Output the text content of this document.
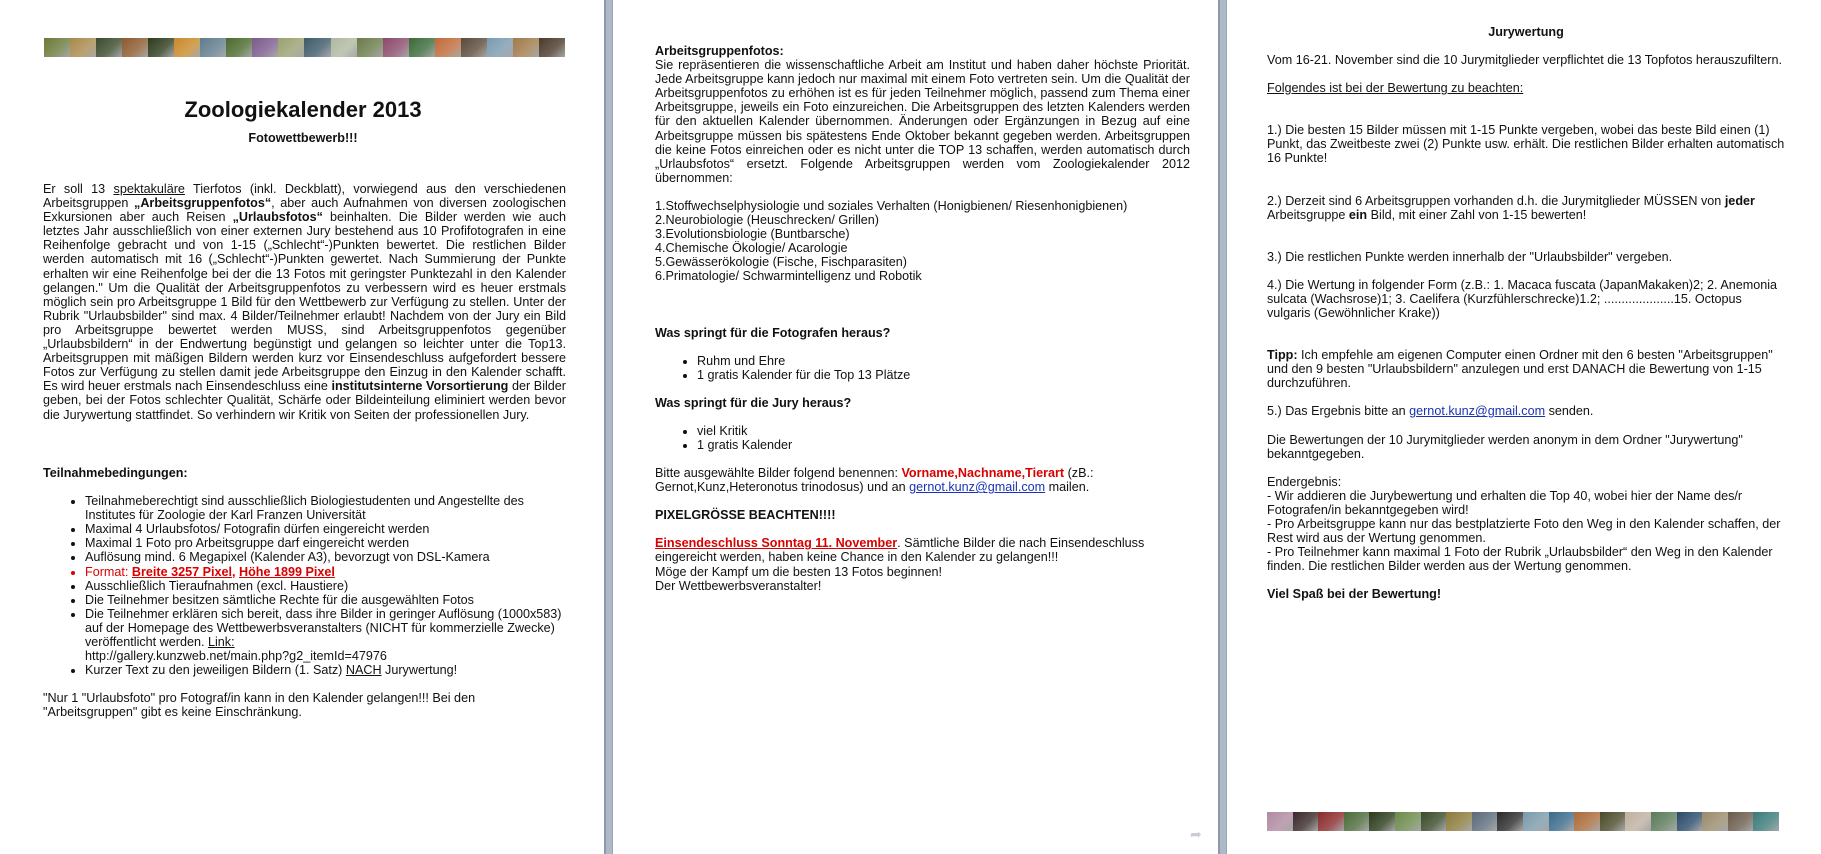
Zoologiekalender 2013

Fotowettbewerb!!!

Er soll 13 spektakuläre Tierfotos (inkl. Deckblatt), vorwiegend aus den verschiedenen Arbeitsgruppen „Arbeitsgruppenfotos“, aber auch Aufnahmen von diversen zoologischen Exkursionen aber auch Reisen „Urlaubsfotos“ beinhalten. Die Bilder werden wie auch letztes Jahr ausschließlich von einer externen Jury bestehend aus 10 Profifotografen in eine Reihenfolge gebracht und von 1-15 („Schlecht“-)Punkten bewertet. Die restlichen Bilder werden automatisch mit 16 („Schlecht“-)Punkten gewertet. Nach Summierung der Punkte erhalten wir eine Reihenfolge bei der die 13 Fotos mit geringster Punktezahl in den Kalender gelangen." Um die Qualität der Arbeitsgruppenfotos zu verbessern wird es heuer erstmals möglich sein pro Arbeitsgruppe 1 Bild für den Wettbewerb zur Verfügung zu stellen. Unter der Rubrik "Urlaubsbilder" sind max. 4 Bilder/Teilnehmer erlaubt! Nachdem von der Jury ein Bild pro Arbeitsgruppe bewertet werden MUSS, sind Arbeitsgruppenfotos gegenüber „Urlaubsbildern“ in der Endwertung begünstigt und gelangen so leichter unter die Top13. Arbeitsgruppen mit mäßigen Bildern werden kurz vor Einsendeschluss aufgefordert bessere Fotos zur Verfügung zu stellen damit jede Arbeitsgruppe den Einzug in den Kalender schafft. Es wird heuer erstmals nach Einsendeschluss eine institutsinterne Vorsortierung der Bilder geben, bei der Fotos schlechter Qualität, Schärfe oder Bildeinteilung eliminiert werden bevor die Jurywertung stattfindet. So verhindern wir Kritik von Seiten der professionellen Jury.

Teilnahmebedingungen:

• Teilnahmeberechtigt sind ausschließlich Biologiestudenten und Angestellte des Institutes für Zoologie der Karl Franzen Universität
• Maximal 4 Urlaubsfotos/ Fotografin dürfen eingereicht werden
• Maximal 1 Foto pro Arbeitsgruppe darf eingereicht werden
• Auflösung mind. 6 Megapixel (Kalender A3), bevorzugt von DSL-Kamera
• Format: Breite 3257 Pixel, Höhe 1899 Pixel
• Ausschließlich Tieraufnahmen (excl. Haustiere)
• Die Teilnehmer besitzen sämtliche Rechte für die ausgewählten Fotos
• Die Teilnehmer erklären sich bereit, dass ihre Bilder in geringer Auflösung (1000x583) auf der Homepage des Wettbewerbsveranstalters (NICHT für kommerzielle Zwecke) veröffentlicht werden. Link:
http://gallery.kunzweb.net/main.php?g2_itemId=47976
• Kurzer Text zu den jeweiligen Bildern (1. Satz) NACH Jurywertung!

"Nur 1 "Urlaubsfoto" pro Fotograf/in kann in den Kalender gelangen!!! Bei den "Arbeitsgruppen" gibt es keine Einschränkung.

Arbeitsgruppenfotos:

Sie repräsentieren die wissenschaftliche Arbeit am Institut und haben daher höchste Priorität. Jede Arbeitsgruppe kann jedoch nur maximal mit einem Foto vertreten sein. Um die Qualität der Arbeitsgruppenfotos zu erhöhen ist es für jeden Teilnehmer möglich, passend zum Thema einer Arbeitsgruppe, jeweils ein Foto einzureichen. Die Arbeitsgruppen des letzten Kalenders werden für den aktuellen Kalender übernommen. Änderungen oder Ergänzungen in Bezug auf eine Arbeitsgruppe müssen bis spätestens Ende Oktober bekannt gegeben werden. Arbeitsgruppen die keine Fotos einreichen oder es nicht unter die TOP 13 schaffen, werden automatisch durch „Urlaubsfotos“ ersetzt. Folgende Arbeitsgruppen werden vom Zoologiekalender 2012 übernommen:

1.Stoffwechselphysiologie und soziales Verhalten (Honigbienen/ Riesenhonigbienen)

2.Neurobiologie (Heuschrecken/ Grillen)

3.Evolutionsbiologie (Buntbarsche)

4.Chemische Ökologie/ Acarologie

5.Gewässerökologie (Fische, Fischparasiten)

6.Primatologie/ Schwarmintelligenz und Robotik

Was springt für die Fotografen heraus?

• Ruhm und Ehre
• 1 gratis Kalender für die Top 13 Plätze

Was springt für die Jury heraus?

• viel Kritik
• 1 gratis Kalender

Bitte ausgewählte Bilder folgend benennen: Vorname,Nachname,Tierart (zB.: Gernot,Kunz,Heteronotus trinodosus) und an gernot.kunz@gmail.com mailen.

PIXELGRÖSSE BEACHTEN!!!!

Einsendeschluss Sonntag 11. November. Sämtliche Bilder die nach Einsendeschluss eingereicht werden, haben keine Chance in den Kalender zu gelangen!!!

Möge der Kampf um die besten 13 Fotos beginnen!

Der Wettbewerbsveranstalter!

➦

Jurywertung

Vom 16-21. November sind die 10 Jurymitglieder verpflichtet die 13 Topfotos herauszufiltern.

Folgendes ist bei der Bewertung zu beachten:

1.) Die besten 15 Bilder müssen mit 1-15 Punkte vergeben, wobei das beste Bild einen (1) Punkt, das Zweitbeste zwei (2) Punkte usw. erhält. Die restlichen Bilder erhalten automatisch 16 Punkte!

2.) Derzeit sind 6 Arbeitsgruppen vorhanden d.h. die Jurymitglieder MÜSSEN von jeder Arbeitsgruppe ein Bild, mit einer Zahl von 1-15 bewerten!

3.) Die restlichen Punkte werden innerhalb der "Urlaubsbilder" vergeben.

4.) Die Wertung in folgender Form (z.B.: 1. Macaca fuscata (JapanMakaken)2; 2. Anemonia sulcata (Wachsrose)1; 3. Caelifera (Kurzfühlerschrecke)1.2; ....................15. Octopus vulgaris (Gewöhnlicher Krake))

Tipp: Ich empfehle am eigenen Computer einen Ordner mit den 6 besten "Arbeitsgruppen" und den 9 besten "Urlaubsbildern" anzulegen und erst DANACH die Bewertung von 1-15 durchzuführen.

5.) Das Ergebnis bitte an gernot.kunz@gmail.com senden.

Die Bewertungen der 10 Jurymitglieder werden anonym in dem Ordner "Jurywertung" bekanntgegeben.

Endergebnis:

- Wir addieren die Jurybewertung und erhalten die Top 40, wobei hier der Name des/r Fotografen/in bekanntgegeben wird!

- Pro Arbeitsgruppe kann nur das bestplatzierte Foto den Weg in den Kalender schaffen, der Rest wird aus der Wertung genommen.

- Pro Teilnehmer kann maximal 1 Foto der Rubrik „Urlaubsbilder“ den Weg in den Kalender finden. Die restlichen Bilder werden aus der Wertung genommen.

Viel Spaß bei der Bewertung!
